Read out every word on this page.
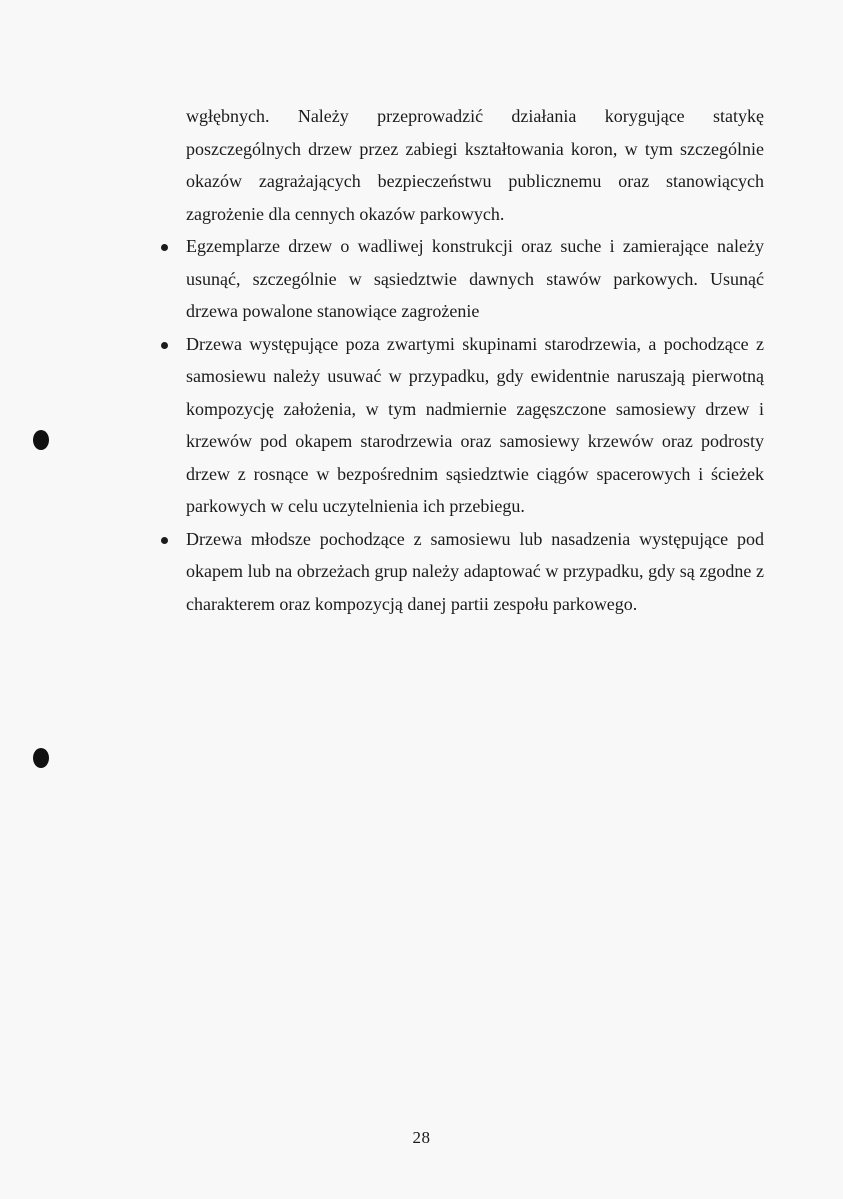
wgłębnych. Należy przeprowadzić działania korygujące statykę poszczególnych drzew przez zabiegi kształtowania koron, w tym szczególnie okazów zagrażających bezpieczeństwu publicznemu oraz stanowiących zagrożenie dla cennych okazów parkowych.

Egzemplarze drzew o wadliwej konstrukcji oraz suche i zamierające należy usunąć, szczególnie w sąsiedztwie dawnych stawów parkowych. Usunąć drzewa powalone stanowiące zagrożenie
Drzewa występujące poza zwartymi skupinami starodrzewia, a pochodzące z samosiewu należy usuwać w przypadku, gdy ewidentnie naruszają pierwotną kompozycję założenia, w tym nadmiernie zagęszczone samosiewy drzew i krzewów pod okapem starodrzewia oraz samosiewy krzewów oraz podrosty drzew z rosnące w bezpośrednim sąsiedztwie ciągów spacerowych i ścieżek parkowych w celu uczytelnienia ich przebiegu.
Drzewa młodsze pochodzące z samosiewu lub nasadzenia występujące pod okapem lub na obrzeżach grup należy adaptować w przypadku, gdy są zgodne z charakterem oraz kompozycją danej partii zespołu parkowego.
28
